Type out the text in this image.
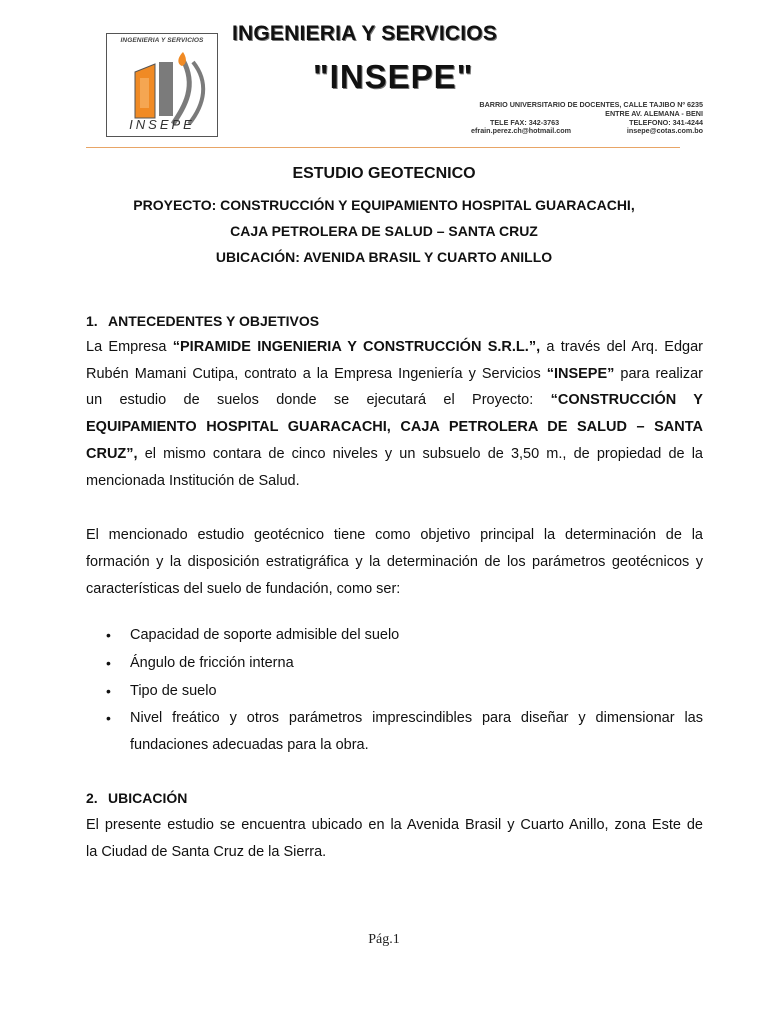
INGENIERIA Y SERVICIOS
INSEPE
INGENIERIA Y SERVICIOS
"INSEPE"
BARRIO UNIVERSITARIO DE DOCENTES, CALLE TAJIBO Nº 6235
ENTRE AV. ALEMANA - BENI
TELE FAX: 342-3763	TELEFONO: 341-4244
efrain.perez.ch@hotmail.com	insepe@cotas.com.bo
ESTUDIO GEOTECNICO
PROYECTO: CONSTRUCCIÓN Y EQUIPAMIENTO HOSPITAL GUARACACHI,
CAJA PETROLERA DE SALUD – SANTA CRUZ
UBICACIÓN: AVENIDA BRASIL Y CUARTO ANILLO
1. ANTECEDENTES Y OBJETIVOS
La Empresa “PIRAMIDE INGENIERIA Y CONSTRUCCIÓN S.R.L.”, a través del Arq. Edgar
Rubén Mamani Cutipa, contrato a la Empresa Ingeniería y Servicios “INSEPE” para realizar
un estudio de suelos donde se ejecutará el Proyecto: “CONSTRUCCIÓN Y
EQUIPAMIENTO HOSPITAL GUARACACHI, CAJA PETROLERA DE SALUD – SANTA
CRUZ”, el mismo contara de cinco niveles y un subsuelo de 3,50 m., de propiedad de la
mencionada Institución de Salud.
El mencionado estudio geotécnico tiene como objetivo principal la determinación de la
formación y la disposición estratigráfica y la determinación de los parámetros geotécnicos y
características del suelo de fundación, como ser:
• Capacidad de soporte admisible del suelo
• Ángulo de fricción interna
• Tipo de suelo
• Nivel freático y otros parámetros imprescindibles para diseñar y dimensionar las
fundaciones adecuadas para la obra.
2. UBICACIÓN
El presente estudio se encuentra ubicado en la Avenida Brasil y Cuarto Anillo, zona Este de
la Ciudad de Santa Cruz de la Sierra.
Pág.1
